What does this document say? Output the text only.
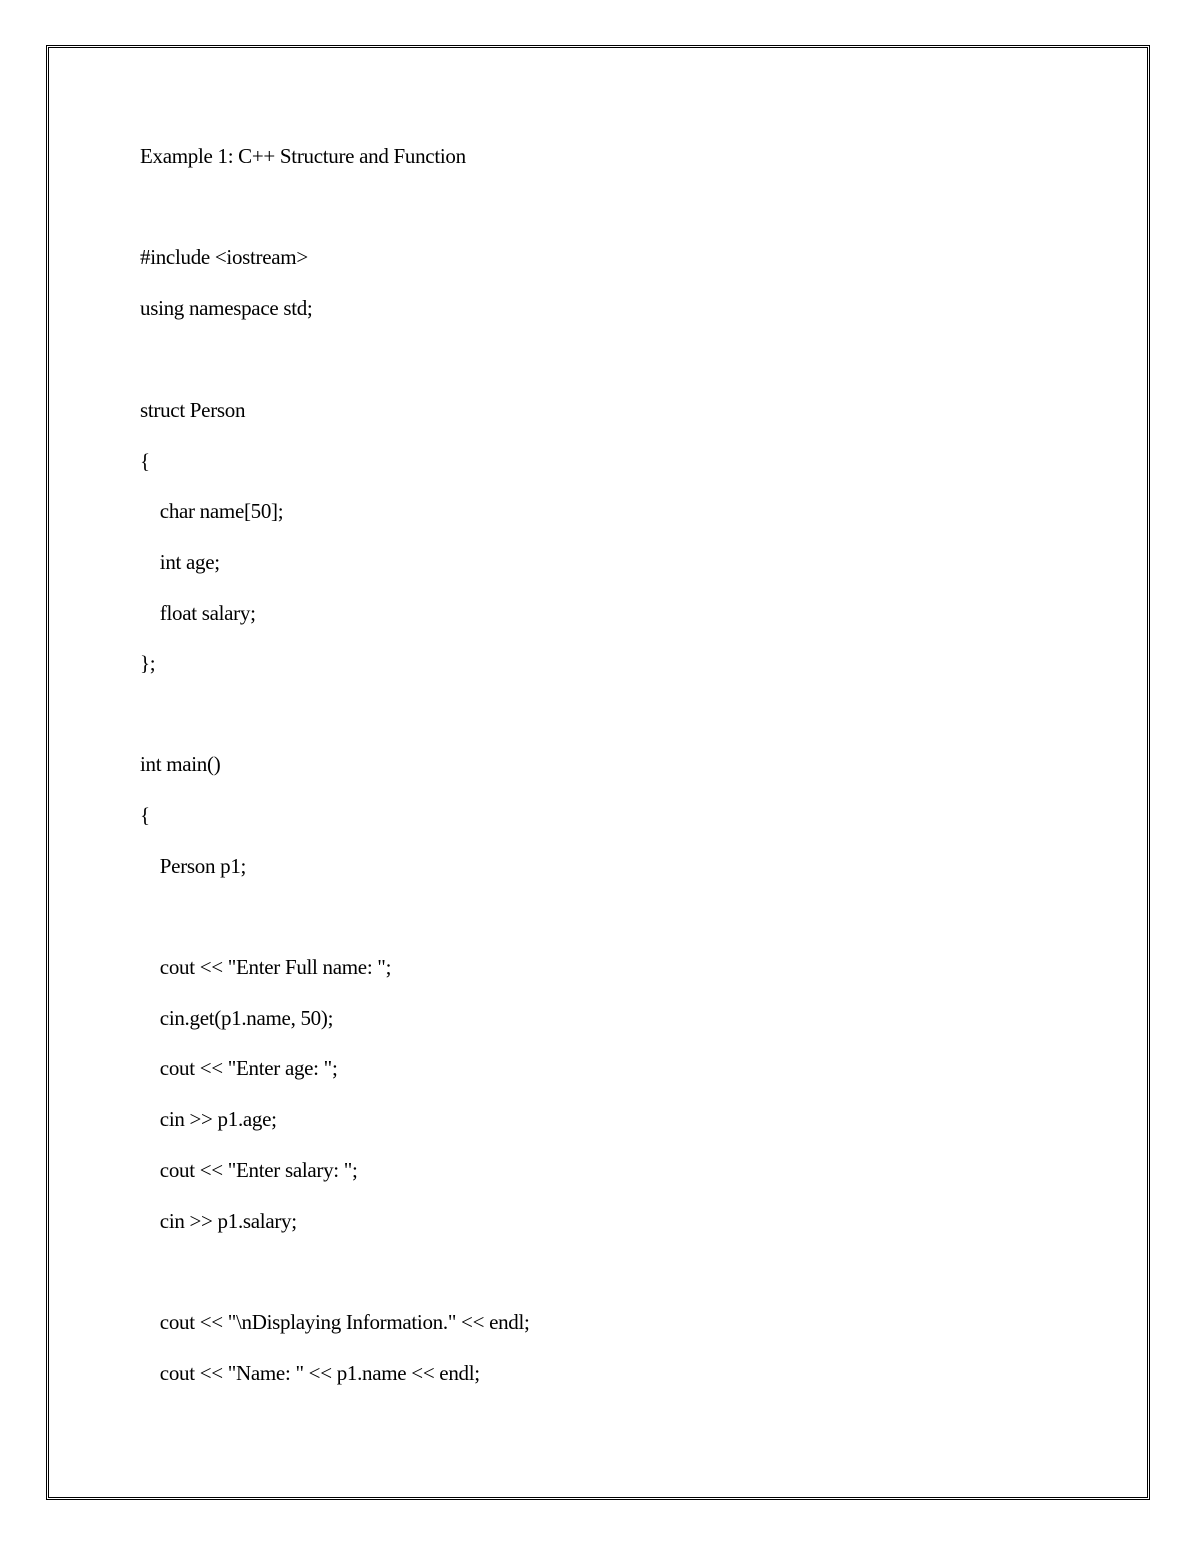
Example 1: C++ Structure and Function
#include <iostream>
using namespace std;
struct Person
{
char name[50];
int age;
float salary;
};
int main()
{
Person p1;
cout << "Enter Full name: ";
cin.get(p1.name, 50);
cout << "Enter age: ";
cin >> p1.age;
cout << "Enter salary: ";
cin >> p1.salary;
cout << "\nDisplaying Information." << endl;
cout << "Name: " << p1.name << endl;
